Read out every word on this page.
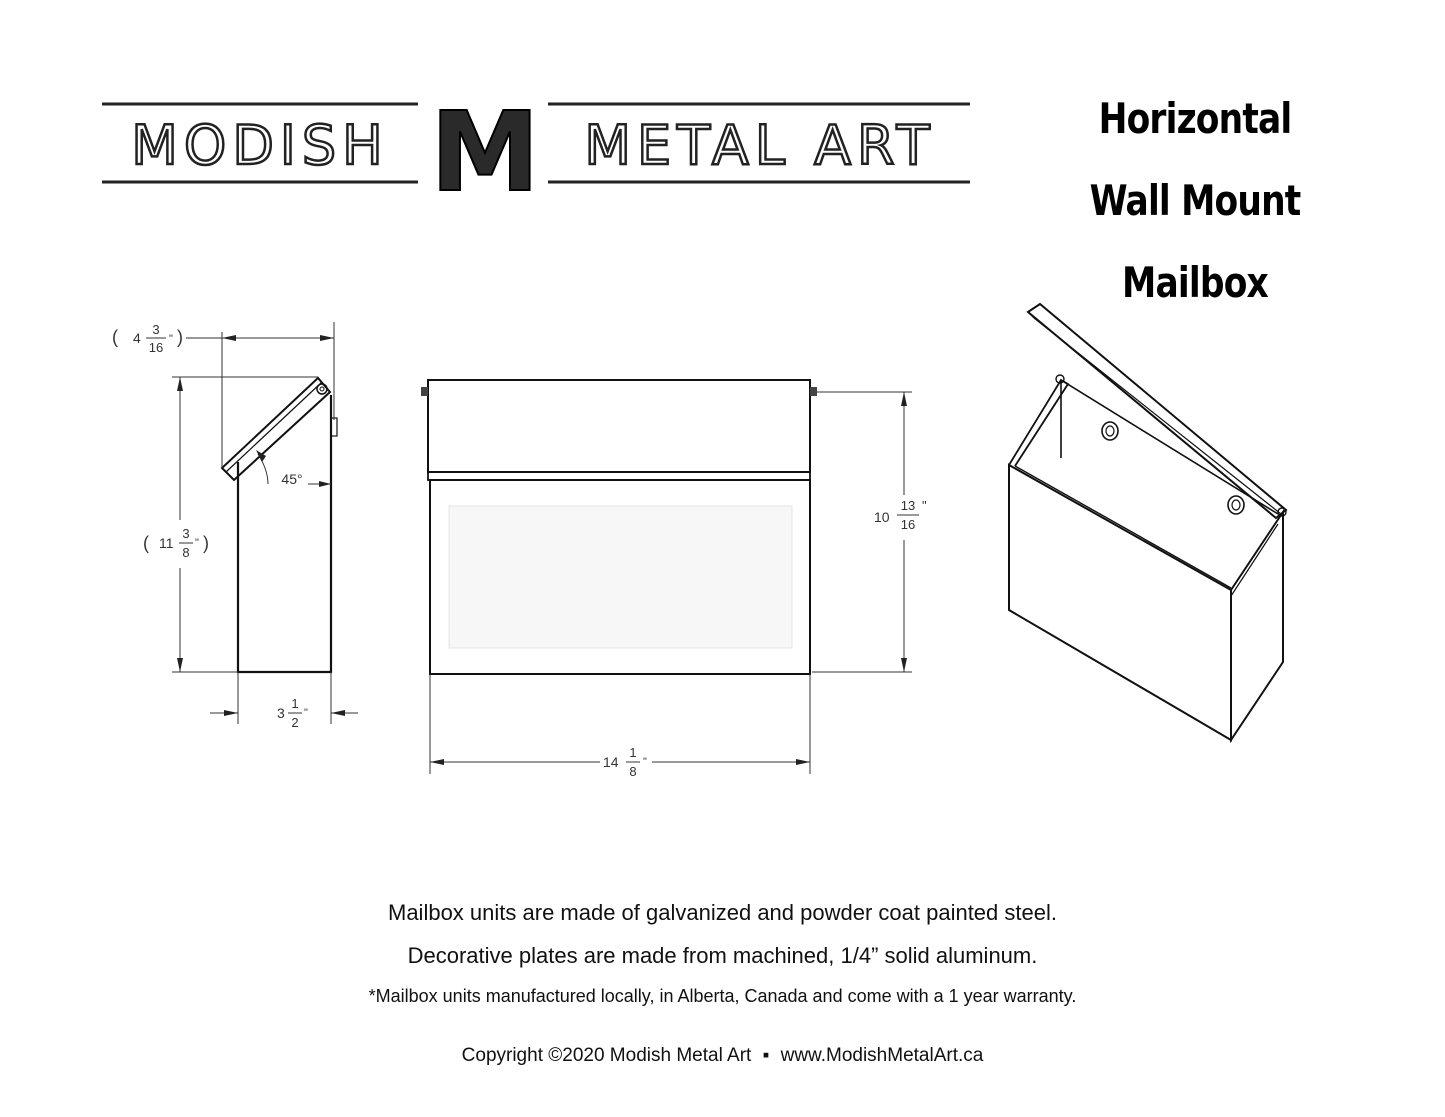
MODISH M METAL ART	Horizontal
Wall Mount Mailbox
45°
( 4
3
16
" )
( 11
3
8
" )
3
1
2
"
10
13
16
"
14
1
8
"
Mailbox units are made of galvanized and powder coat painted steel.
Decorative plates are made from machined, 1/4” solid aluminum.
*Mailbox units manufactured locally, in Alberta, Canada and come with a 1 year warranty.
Copyright ©2020 Modish Metal Art ▪ www.ModishMetalArt.ca
